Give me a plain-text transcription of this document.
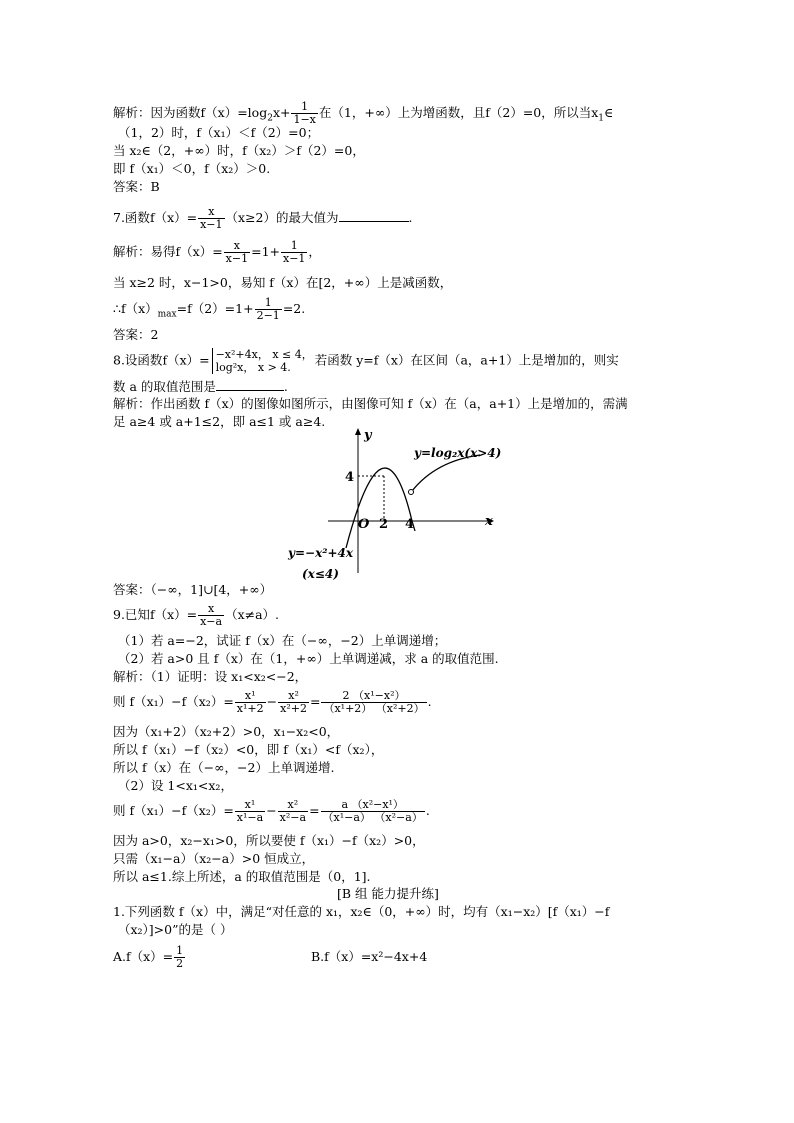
解析：因为函数$f(x)=\log_2x+ \frac{1}{1-x}$ 在（1，+∞）上为增函数，且f（2）=0，所以当$x_1\in$
（1，2）时，f（x₁）＜f（2）=0；
当 x₂∈（2，+∞）时，f（x₂）＞f（2）=0，
即 f（x₁）＜0，f（x₂）＞0.
答案：B
7.函数$f(x)= \frac{x}{x-1} (x\ge 2)$的最大值为	.
解析：易得$f(x)= \frac{x}{x-1} =1+ \frac{1}{x-1}$ ，
当 x≥2 时，x−1>0，易知 f（x）在[2，+∞）上是减函数，
$\therefore f(x)_{max}=f(2)=1+ \frac{1}{2-1} =2$.
答案：2
8.设函数f（x）= −x²+4x， x ≤ 4，
log²x， x > 4.	若函数 y=f（x）在区间（a，a+1）上是增加的，则实
数 a 的取值范围是	.
解析：作出函数 f（x）的图像如图所示，由图像可知 f（x）在（a，a+1）上是增加的，需满
足 a≥4 或 a+1≤2，即 a≤1 或 a≥4.
y
x
O 2 4
4
y=log₂x(x>4)
y=−x²+4x
(x≤4)
答案：（−∞，1]∪[4，+∞）
9.已知$f(x)= \frac{x}{x-a} (x\ne a)$.
（1）若 a=−2，试证 f（x）在（−∞，−2）上单调递增；
（2）若 a>0 且 f（x）在（1，+∞）上单调递减，求 a 的取值范围.
解析：（1）证明：设 x₁<x₂<−2，
则 $f(x_1)-f(x_2)= \frac{\text{x¹}}{\text{x¹+2}} - \frac{\text{x²}}{\text{x²+2}} = \frac{\text{2 （x¹−x²）}}{\text{（x¹+2） （x²+2）}}$ .
因为（x₁+2）（x₂+2）>0，x₁−x₂<0，
所以 f（x₁）−f（x₂）<0，即 f（x₁）<f（x₂），
所以 f（x）在（−∞，−2）上单调递增.
（2）设 1<x₁<x₂，
则 $f(x_1)-f(x_2)= \frac{\text{x¹}}{\text{x¹−a}} - \frac{\text{x²}}{\text{x²−a}} = \frac{\text{a （x²−x¹）}}{\text{（x¹−a） （x²−a）}}$ .
因为 a>0，x₂−x₁>0，所以要使 f（x₁）−f（x₂）>0，
只需（x₁−a）（x₂−a）>0 恒成立，
所以 a≤1.综上所述，a 的取值范围是（0，1].
[B 组 能力提升练]
1.下列函数 f（x）中，满足“对任意的 x₁，x₂∈（0，+∞）时，均有（x₁−x₂）[f（x₁）−f
（x₂）]>0”的是（ ）
$A.f(x)= \frac{1}{2}$	B.f（x）=x²−4x+4
